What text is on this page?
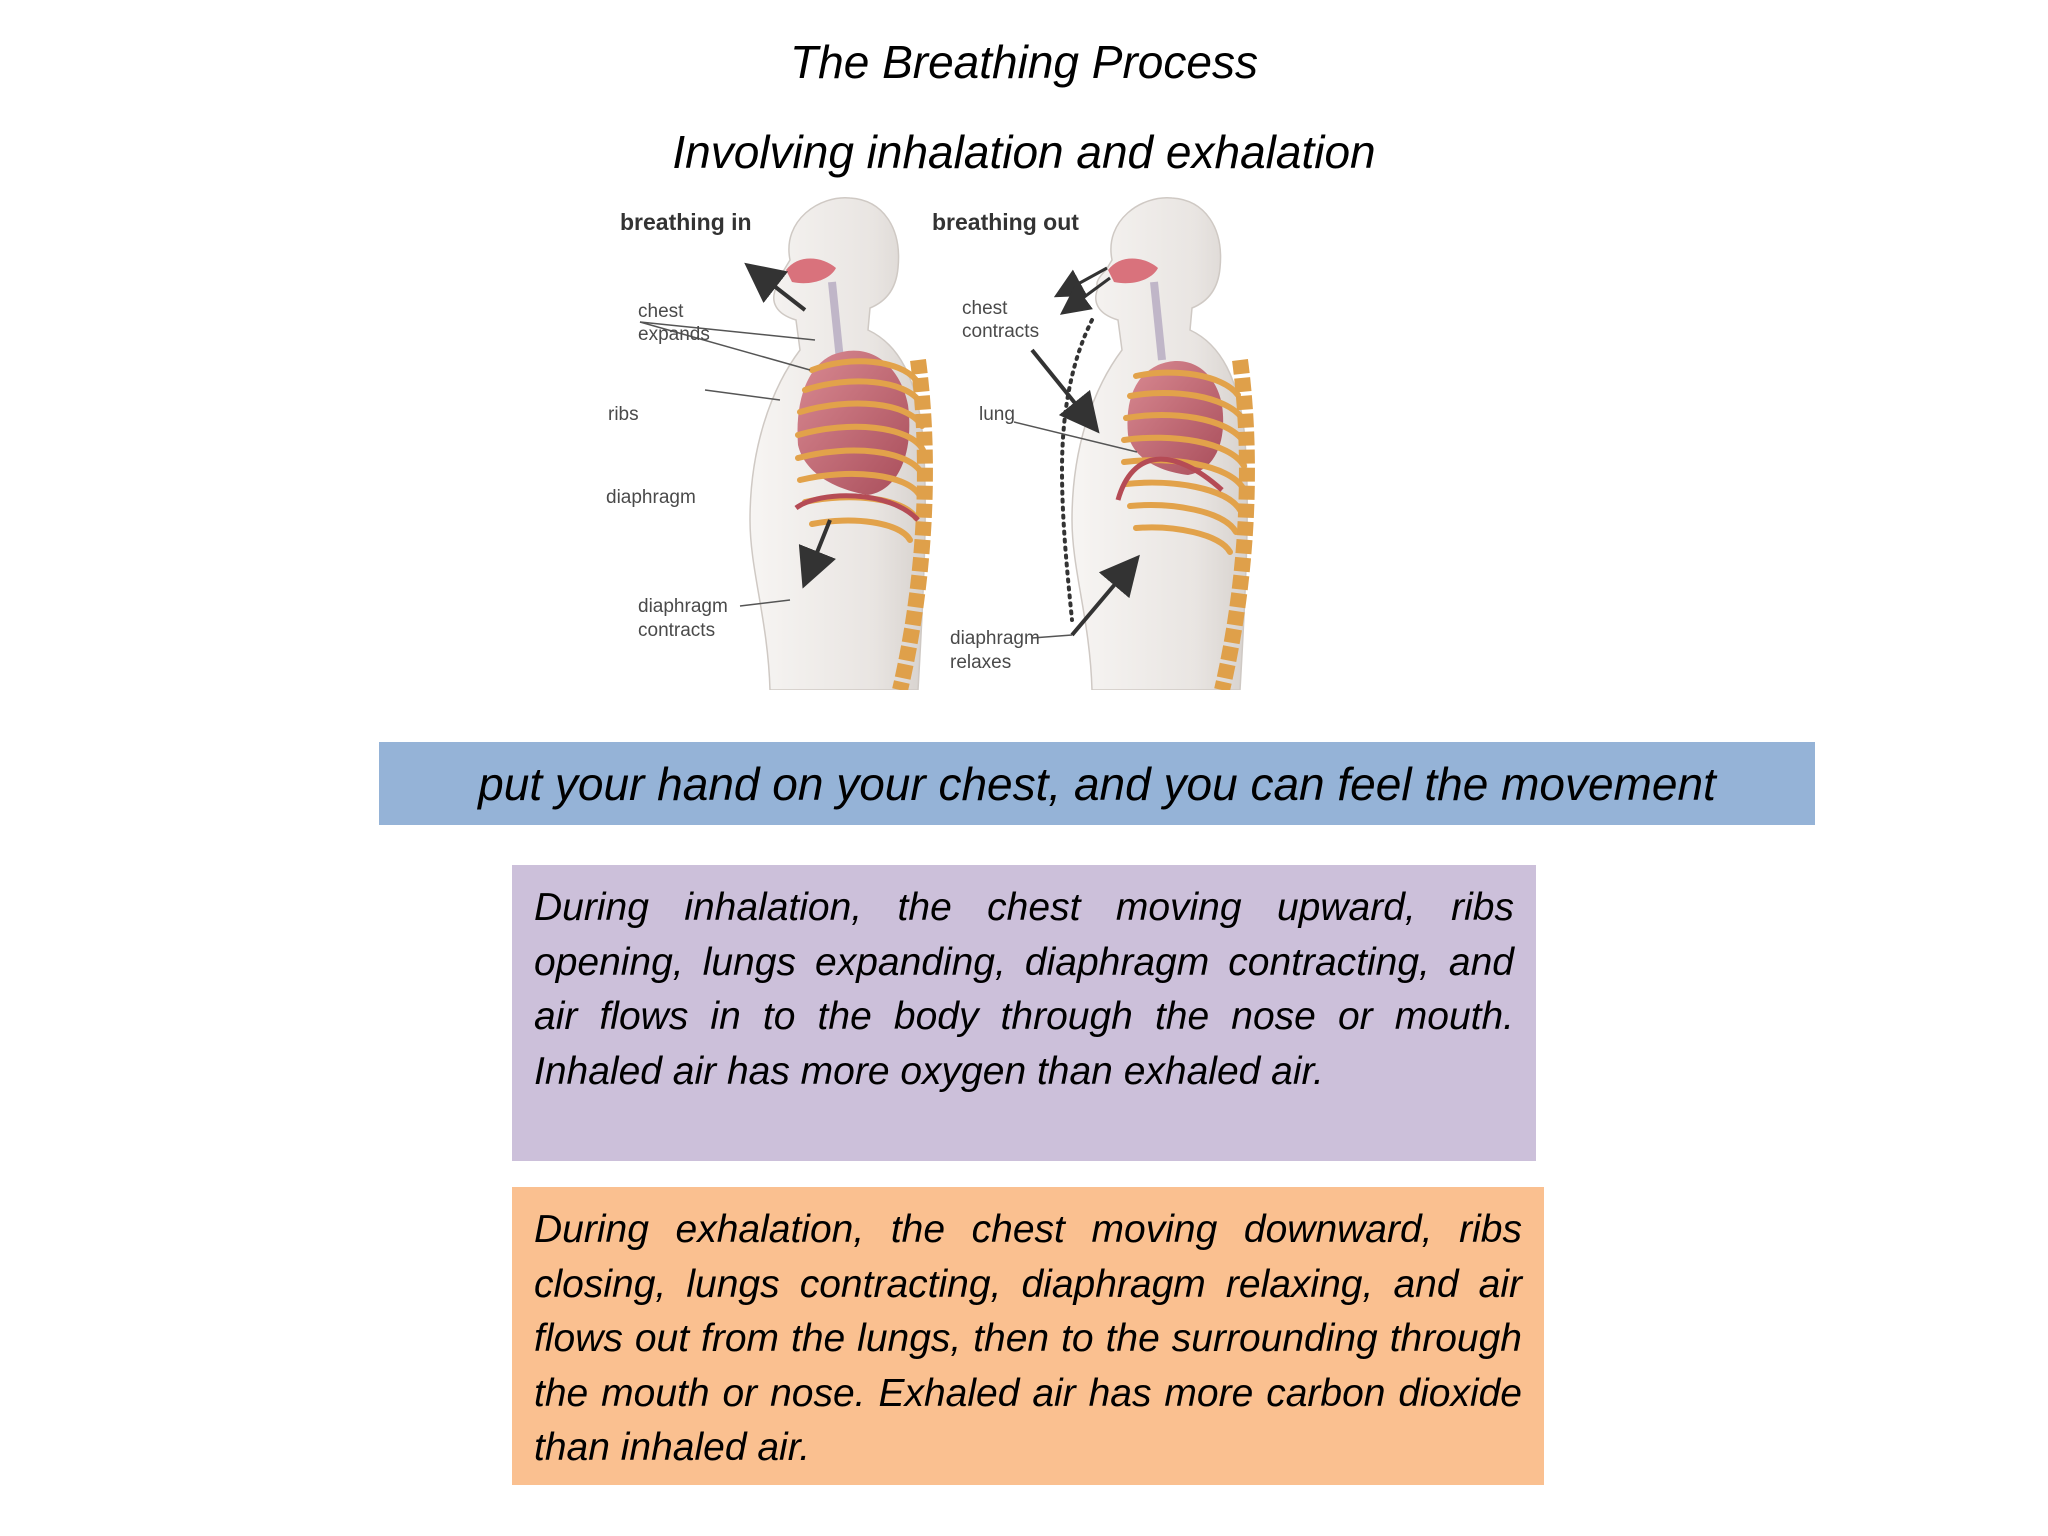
The Breathing Process
Involving inhalation and exhalation
breathing in
chest
expands
ribs
diaphragm
diaphragm
contracts
breathing out
chest
contracts
lung
diaphragm
relaxes
put your hand on your chest, and you can feel the movement
During inhalation, the chest moving upward, ribs opening, lungs expanding, diaphragm contracting, and air flows in to the body through the nose or mouth. Inhaled air has more oxygen than exhaled air.
During exhalation, the chest moving downward, ribs closing, lungs contracting, diaphragm relaxing, and air flows out from the lungs, then to the surrounding through the mouth or nose. Exhaled air has more carbon dioxide than inhaled air.
